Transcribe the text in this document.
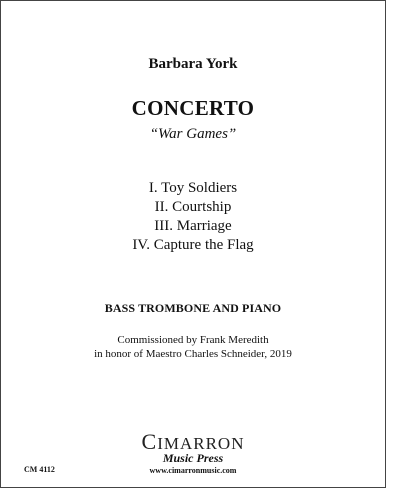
Barbara York
CONCERTO
“War Games”
I. Toy Soldiers
II. Courtship
III. Marriage
IV. Capture the Flag
BASS TROMBONE AND PIANO
Commissioned by Frank Meredith
in honor of Maestro Charles Schneider, 2019
CIMARRON
Music Press
www.cimarronmusic.com
CM 4112
